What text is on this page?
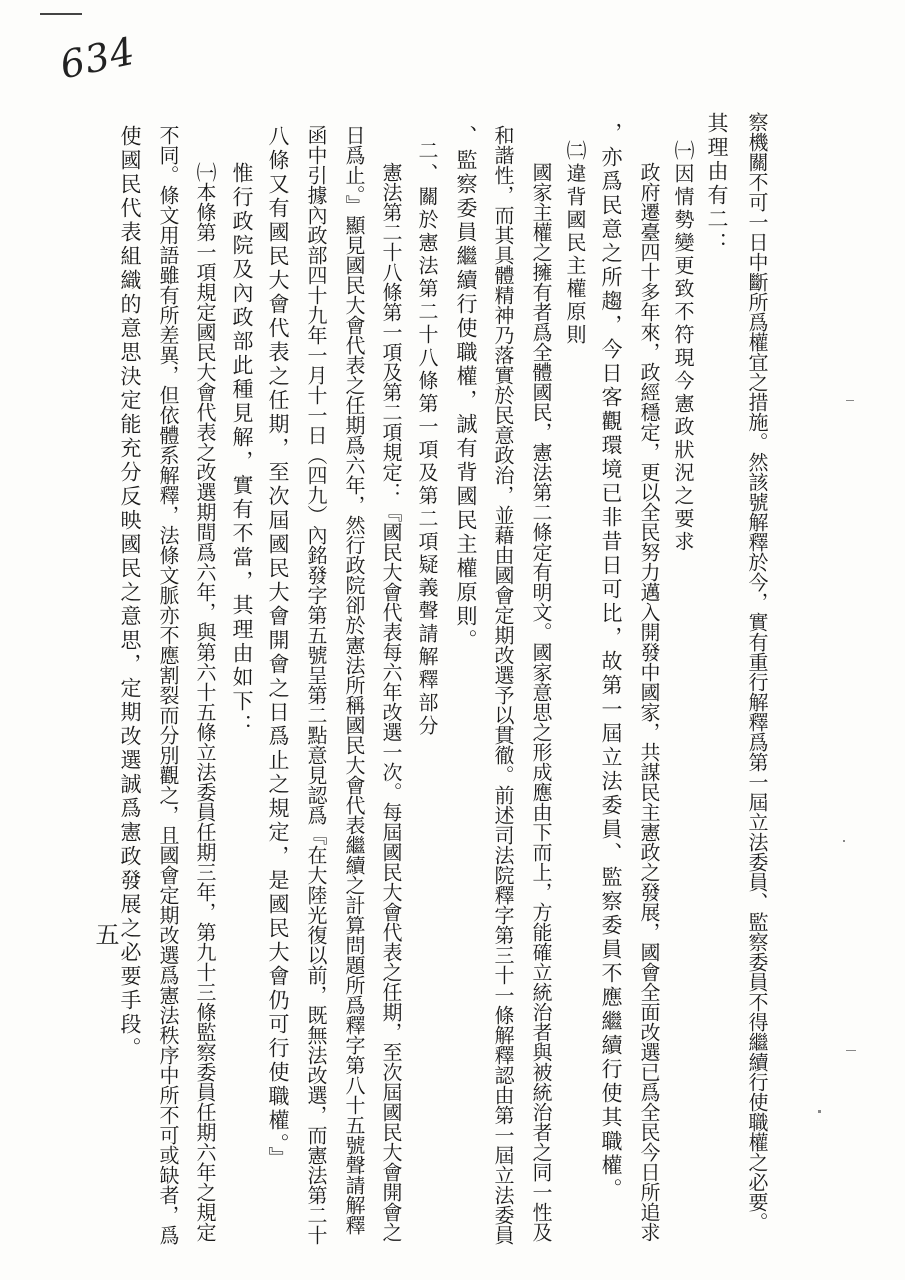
634
察機關不可一日中斷所爲權宜之措施。然該號解釋於今，實有重行解釋爲第一屆立法委員、監察委員不得繼續行使職權之必要。
其理由有二：
㈠因情勢變更致不符現今憲政狀況之要求
政府遷臺四十多年來，政經穩定，更以全民努力邁入開發中國家，共謀民主憲政之發展，國會全面改選已爲全民今日所追求
，亦爲民意之所趨，今日客觀環境已非昔日可比，故第一屆立法委員、監察委員不應繼續行使其職權。
㈡違背國民主權原則
國家主權之擁有者爲全體國民，憲法第二條定有明文。國家意思之形成應由下而上，方能確立統治者與被統治者之同一性及
和諧性，而其具體精神乃落實於民意政治，並藉由國會定期改選予以貫徹。前述司法院釋字第三十一條解釋認由第一屆立法委員
、監察委員繼續行使職權，誠有背國民主權原則。
二、關於憲法第二十八條第一項及第二項疑義聲請解釋部分
憲法第二十八條第一項及第二項規定：『國民大會代表每六年改選一次。每屆國民大會代表之任期，至次屆國民大會開會之
日爲止。』顯見國民大會代表之任期爲六年，然行政院卻於憲法所稱國民大會代表繼續之計算問題所爲釋字第八十五號聲請解釋
函中引據內政部四十九年一月十一日（四九）內銘發字第五號呈第二點意見認爲『在大陸光復以前，既無法改選，而憲法第二十
八條又有國民大會代表之任期，至次屆國民大會開會之日爲止之規定，是國民大會仍可行使職權。』
惟行政院及內政部此種見解，實有不當，其理由如下：
㈠本條第一項規定國民大會代表之改選期間爲六年，與第六十五條立法委員任期三年，第九十三條監察委員任期六年之規定
不同。條文用語雖有所差異，但依體系解釋，法條文脈亦不應割裂而分別觀之，且國會定期改選爲憲法秩序中所不可或缺者，爲
使國民代表組織的意思決定能充分反映國民之意思，定期改選誠爲憲政發展之必要手段。
五
